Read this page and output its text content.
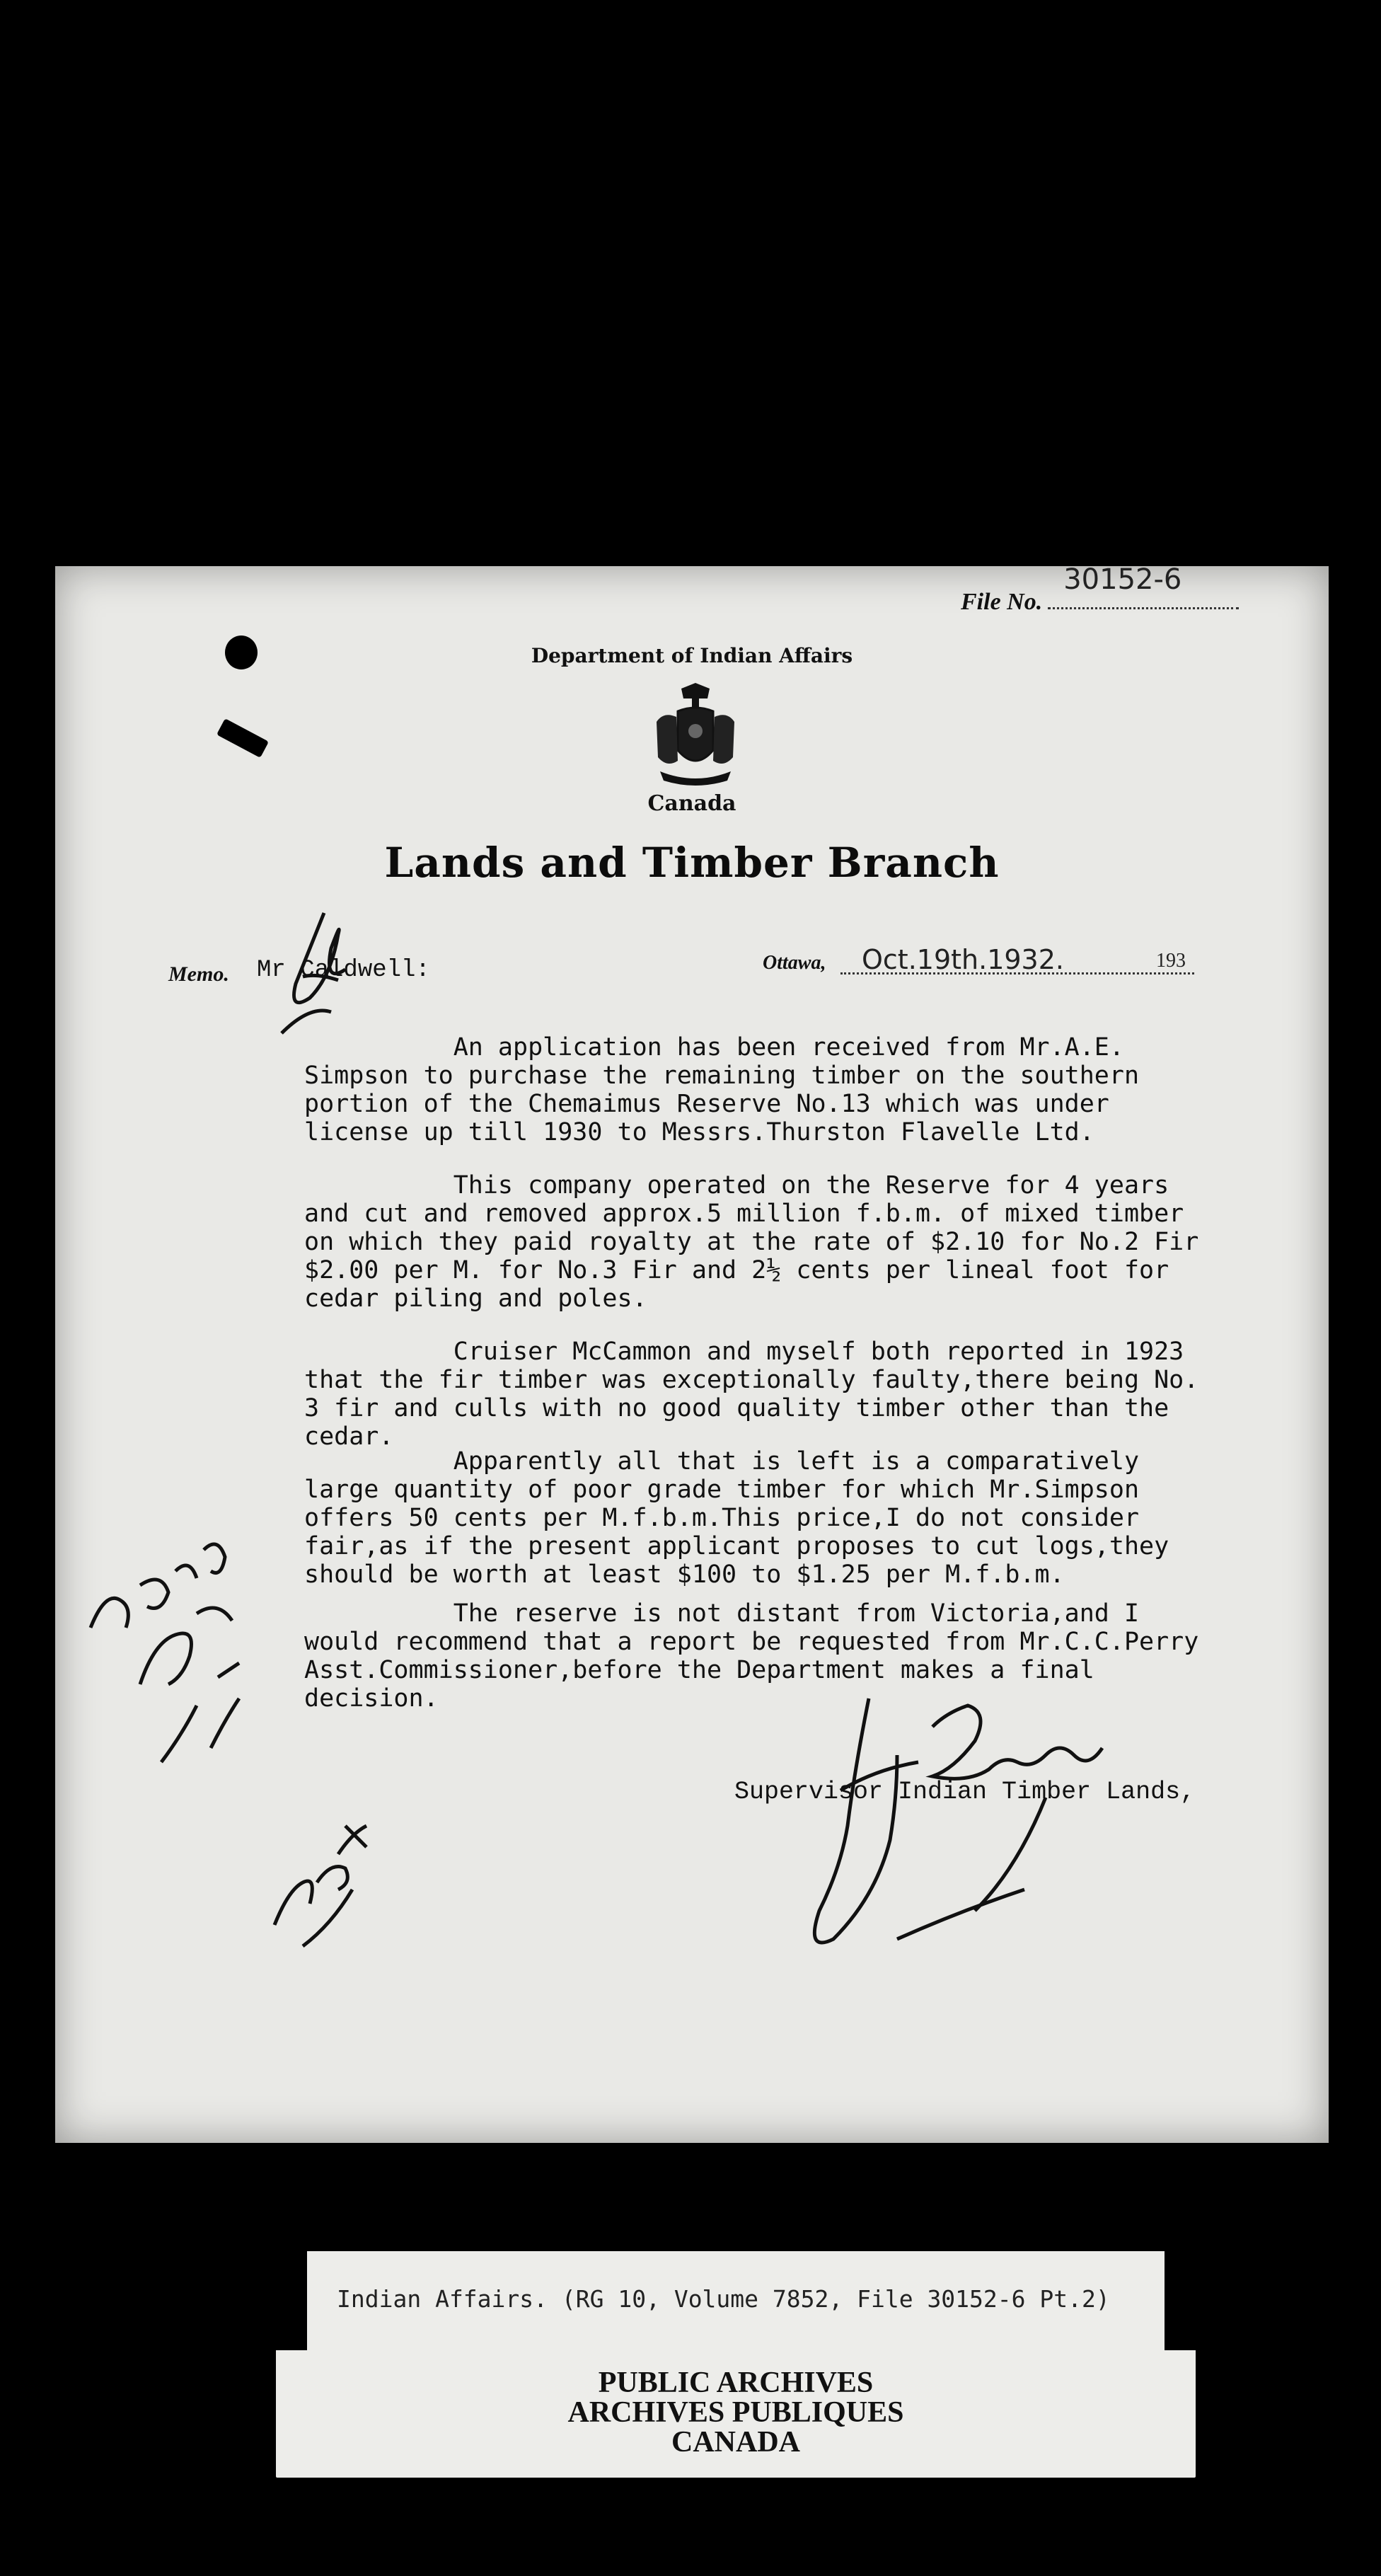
File No.
30152-6
Department of Indian Affairs
Canada
Lands and Timber Branch
Memo. Mr Caldwell:	Ottawa, Oct.19th.1932.	193
An application has been received from Mr.A.E.
Simpson to purchase the remaining timber on the southern
portion of the Chemaimus Reserve No.13 which was under
license up till 1930 to Messrs.Thurston Flavelle Ltd.
This company operated on the Reserve for 4 years
and cut and removed approx.5 million f.b.m. of mixed timber
on which they paid royalty at the rate of $2.10 for No.2 Fir
$2.00 per M. for No.3 Fir and 2½ cents per lineal foot for
cedar piling and poles.
Cruiser McCammon and myself both reported in 1923
that the fir timber was exceptionally faulty,there being No.
3 fir and culls with no good quality timber other than the
cedar.
Apparently all that is left is a comparatively
large quantity of poor grade timber for which Mr.Simpson
offers 50 cents per M.f.b.m.This price,I do not consider
fair,as if the present applicant proposes to cut logs,they
should be worth at least $100 to $1.25 per M.f.b.m.
The reserve is not distant from Victoria,and I
would recommend that a report be requested from Mr.C.C.Perry
Asst.Commissioner,before the Department makes a final
decision.
Supervisor Indian Timber Lands,
Indian Affairs. (RG 10, Volume 7852, File 30152-6 Pt.2)
PUBLIC ARCHIVES
ARCHIVES PUBLIQUES
CANADA
